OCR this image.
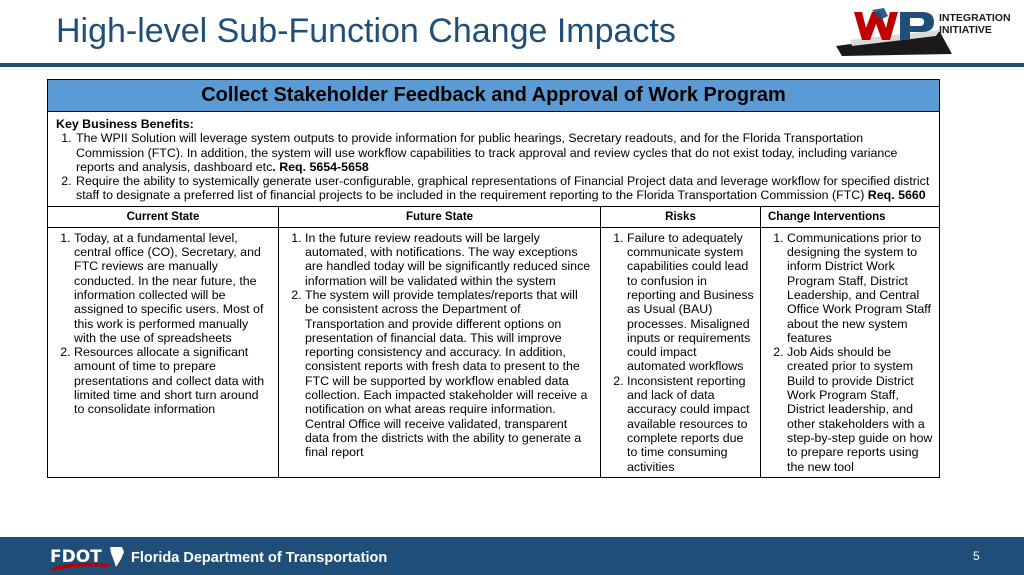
High-level Sub-Function Change Impacts	INTEGRATION
INITIATIVE
Collect Stakeholder Feedback and Approval of Work Program
Key Business Benefits:
1. The WPII Solution will leverage system outputs to provide information for public hearings, Secretary readouts, and for the Florida Transportation Commission (FTC). In addition, the system will use workflow capabilities to track approval and review cycles that do not exist today, including variance reports and analysis, dashboard etc. Req. 5654-5658
2. Require the ability to systemically generate user-configurable, graphical representations of Financial Project data and leverage workflow for specified district staff to designate a preferred list of financial projects to be included in the requirement reporting to the Florida Transportation Commission (FTC) Req. 5660
Current State
1. Today, at a fundamental level, central office (CO), Secretary, and FTC reviews are manually conducted. In the near future, the information collected will be assigned to specific users. Most of this work is performed manually with the use of spreadsheets
2. Resources allocate a significant amount of time to prepare presentations and collect data with limited time and short turn around to consolidate information
Future State
1. In the future review readouts will be largely automated, with notifications. The way exceptions are handled today will be significantly reduced since information will be validated within the system
2. The system will provide templates/reports that will be consistent across the Department of Transportation and provide different options on presentation of financial data. This will improve reporting consistency and accuracy. In addition, consistent reports with fresh data to present to the FTC will be supported by workflow enabled data collection. Each impacted stakeholder will receive a notification on what areas require information. Central Office will receive validated, transparent data from the districts with the ability to generate a final report
Risks
1. Failure to adequately communicate system capabilities could lead to confusion in reporting and Business as Usual (BAU) processes. Misaligned inputs or requirements could impact automated workflows
2. Inconsistent reporting and lack of data accuracy could impact available resources to complete reports due to time consuming activities
Change Interventions
1. Communications prior to designing the system to inform District Work Program Staff, District Leadership, and Central Office Work Program Staff about the new system features
2. Job Aids should be created prior to system Build to provide District Work Program Staff, District leadership, and other stakeholders with a step-by-step guide on how to prepare reports using the new tool
FDOT Florida Department of Transportation	5
